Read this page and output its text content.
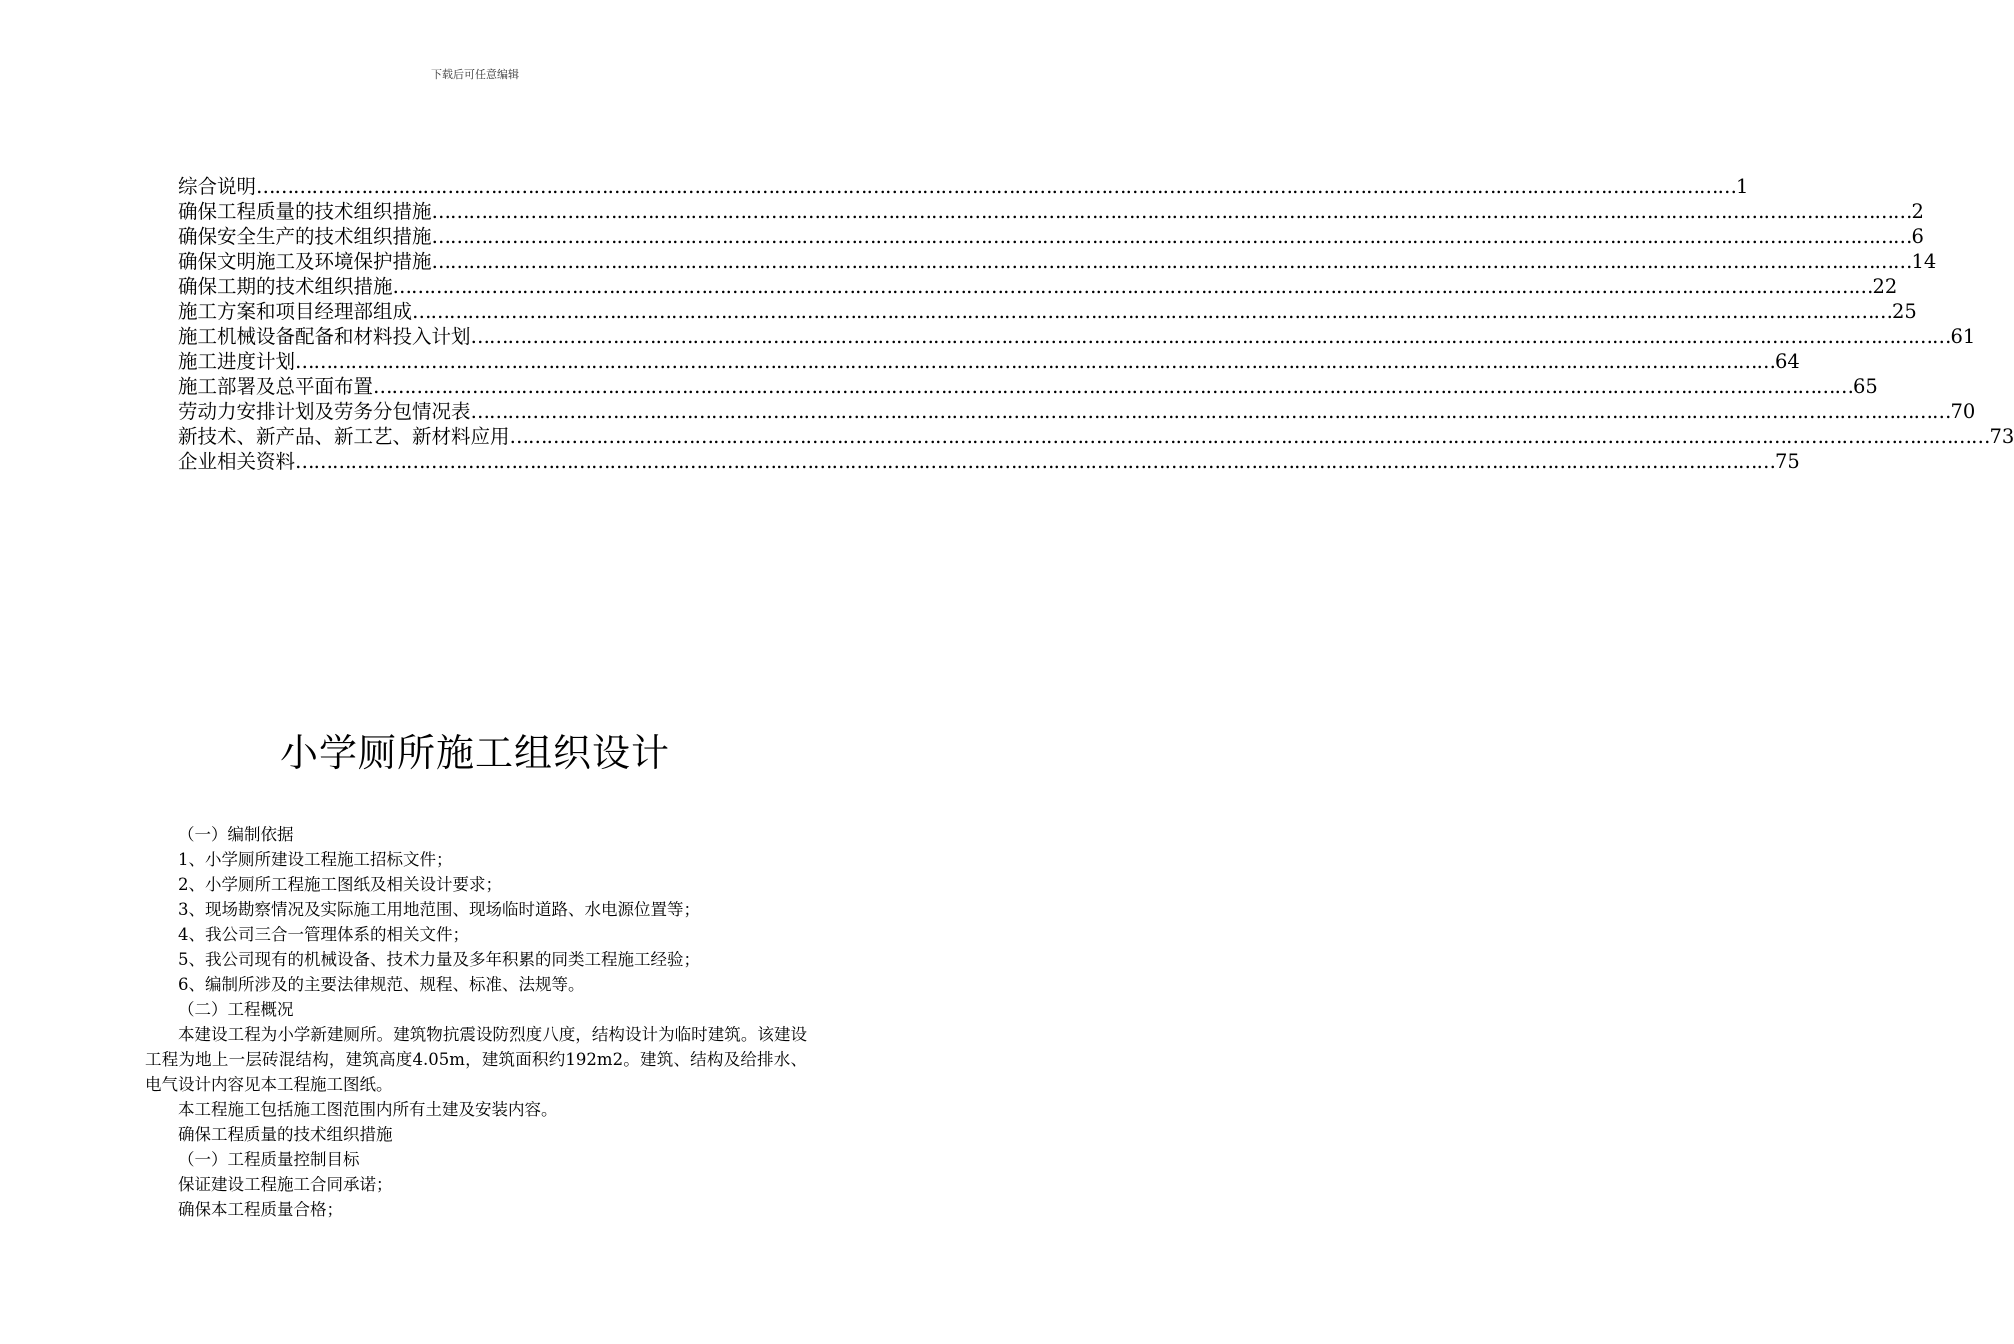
下载后可任意编辑
综合说明 …………………………………………………………………………………………………………………………………………………………………………………………………………………… 1
确保工程质量的技术组织措施 …………………………………………………………………………………………………………………………………………………………………………………………………………………… 2
确保安全生产的技术组织措施 …………………………………………………………………………………………………………………………………………………………………………………………………………………… 6
确保文明施工及环境保护措施 …………………………………………………………………………………………………………………………………………………………………………………………………………………… 14
确保工期的技术组织措施 …………………………………………………………………………………………………………………………………………………………………………………………………………………… 22
施工方案和项目经理部组成 …………………………………………………………………………………………………………………………………………………………………………………………………………………… 25
施工机械设备配备和材料投入计划 …………………………………………………………………………………………………………………………………………………………………………………………………………………… 61
施工进度计划 …………………………………………………………………………………………………………………………………………………………………………………………………………………… 64
施工部署及总平面布置 …………………………………………………………………………………………………………………………………………………………………………………………………………………… 65
劳动力安排计划及劳务分包情况表 …………………………………………………………………………………………………………………………………………………………………………………………………………………… 70
新技术、新产品、新工艺、新材料应用 …………………………………………………………………………………………………………………………………………………………………………………………………………………… 73
企业相关资料 …………………………………………………………………………………………………………………………………………………………………………………………………………………… 75
小学厕所施工组织设计

（一）编制依据

1、小学厕所建设工程施工招标文件；

2、小学厕所工程施工图纸及相关设计要求；

3、现场勘察情况及实际施工用地范围、现场临时道路、水电源位置等；

4、我公司三合一管理体系的相关文件；

5、我公司现有的机械设备、技术力量及多年积累的同类工程施工经验；

6、编制所涉及的主要法律规范、规程、标准、法规等。

（二）工程概况

本建设工程为小学新建厕所。建筑物抗震设防烈度八度，结构设计为临时建筑。该建设工程为地上一层砖混结构，建筑高度4.05m，建筑面积约192m2。建筑、结构及给排水、电气设计内容见本工程施工图纸。

本工程施工包括施工图范围内所有土建及安装内容。

确保工程质量的技术组织措施

（一）工程质量控制目标

保证建设工程施工合同承诺；

确保本工程质量合格；
